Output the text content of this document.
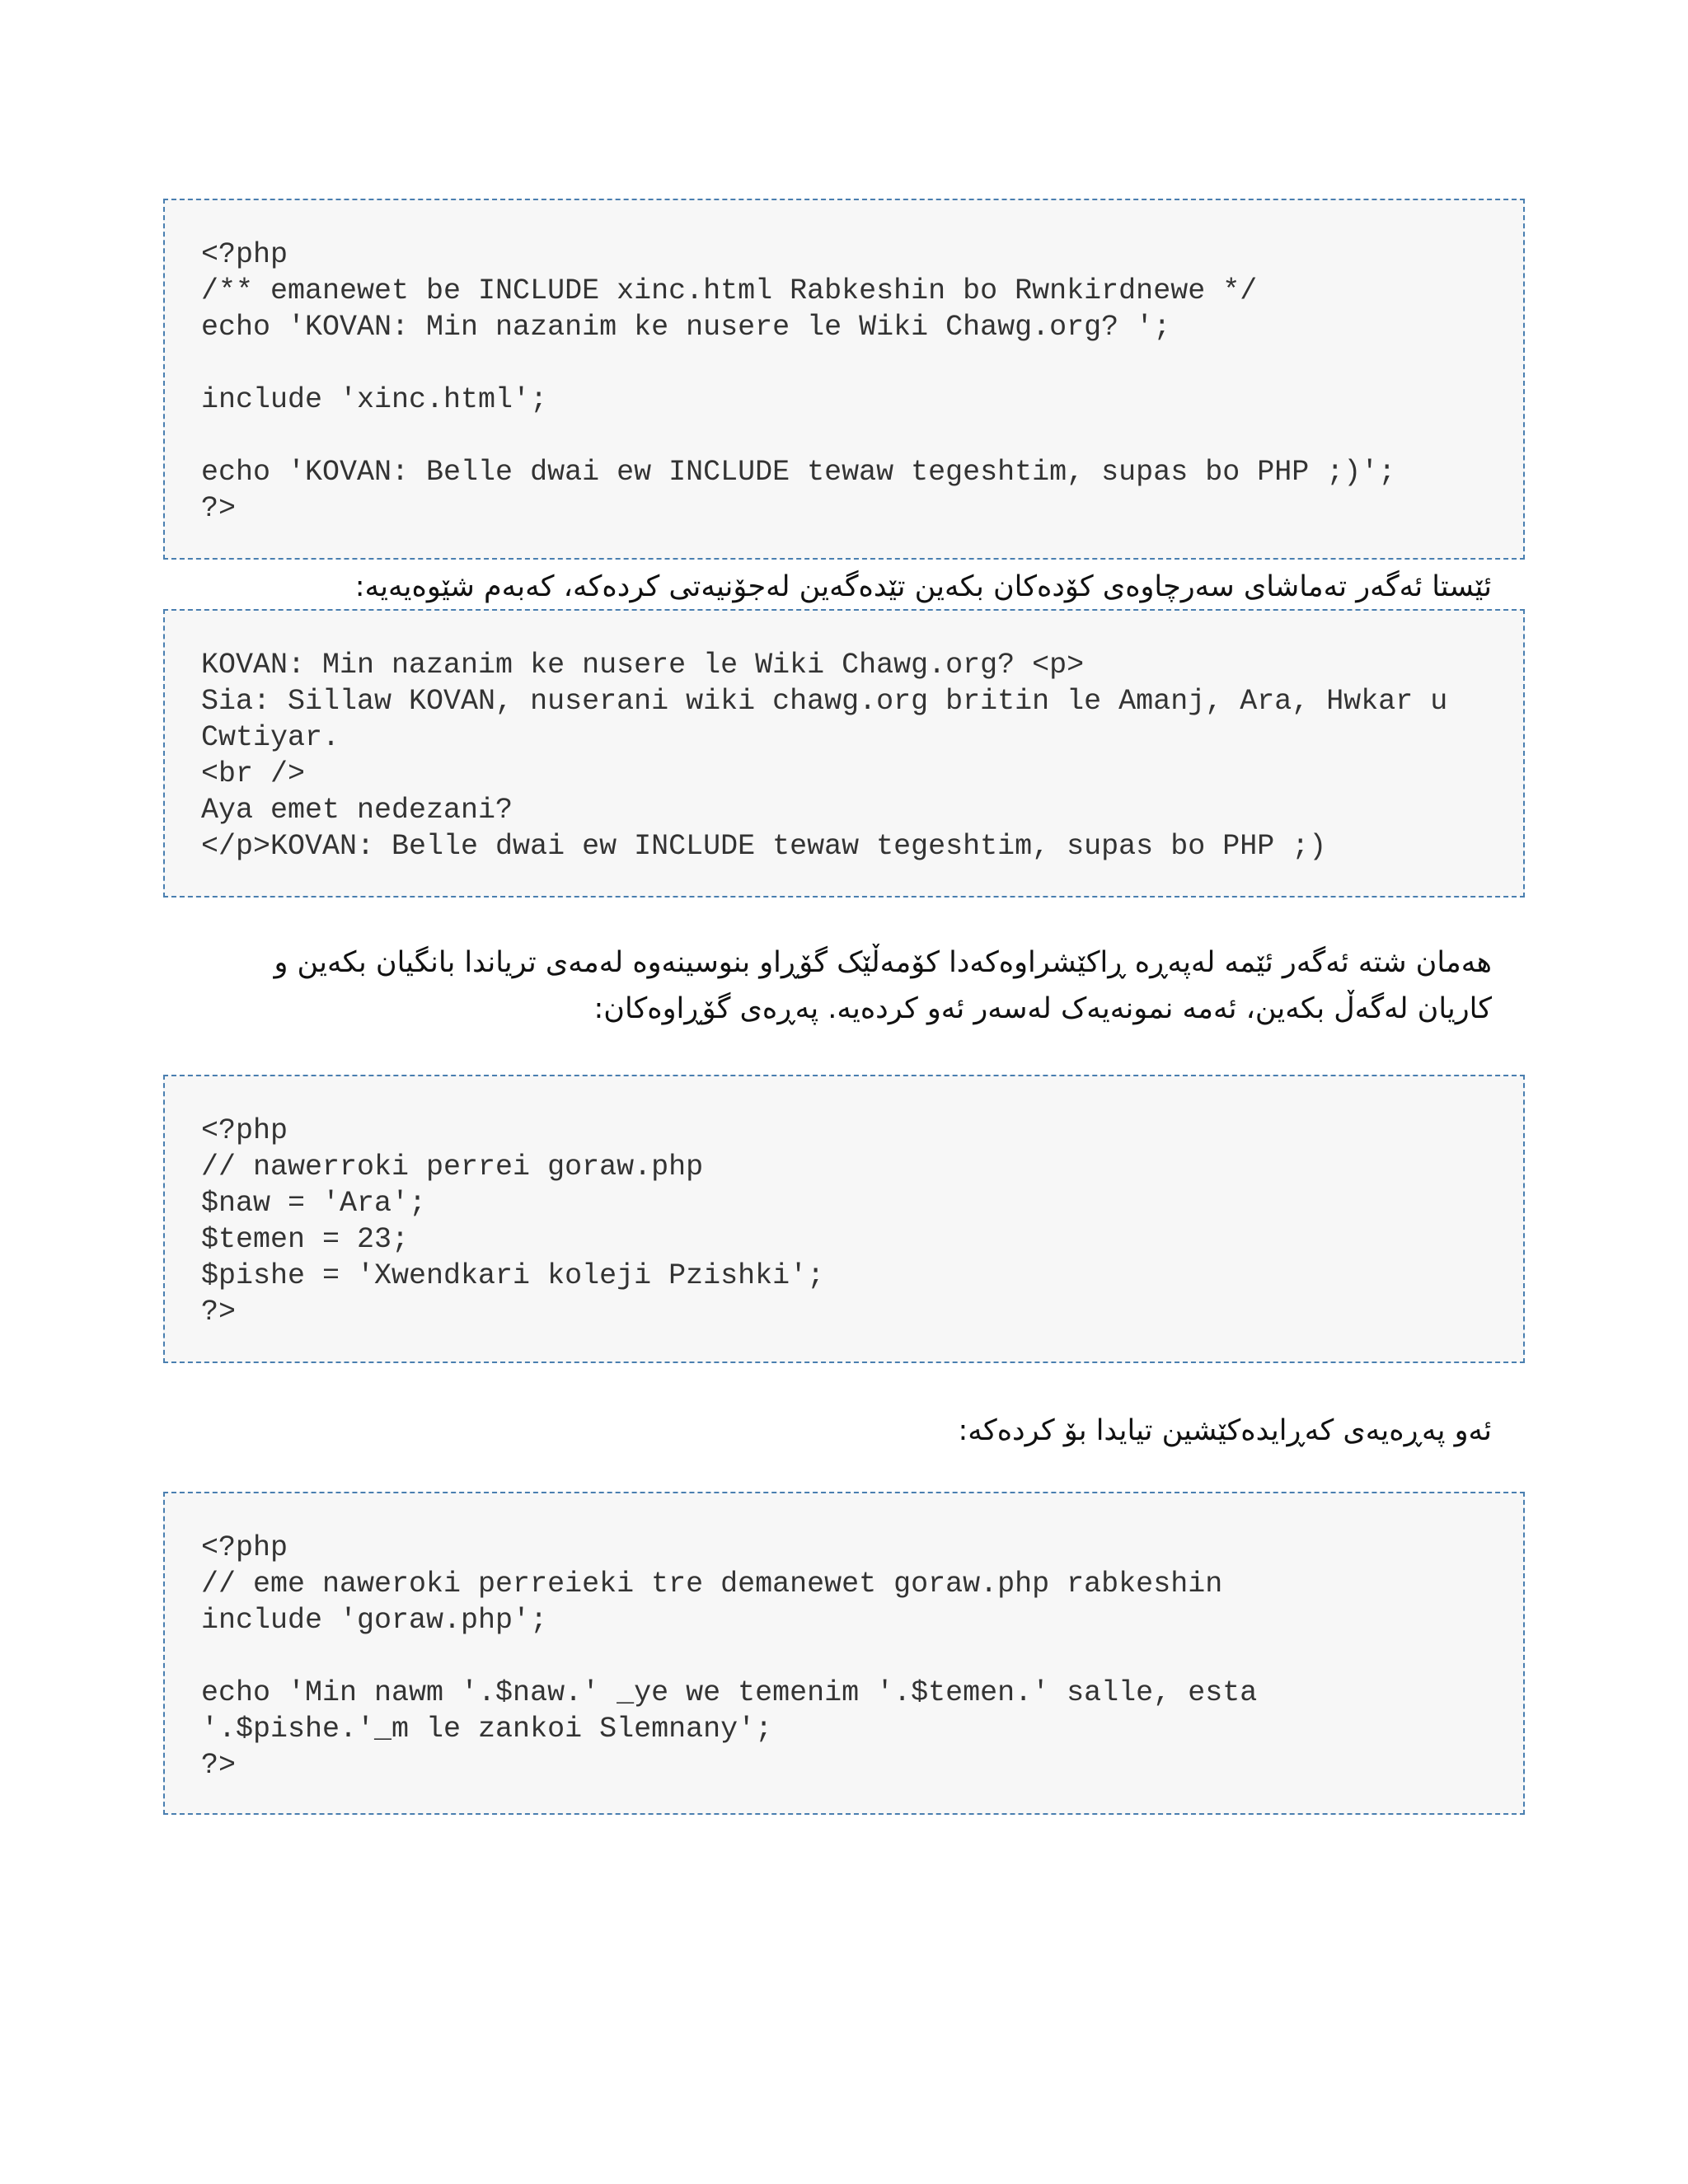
<?php
/** emanewet be INCLUDE xinc.html Rabkeshin bo Rwnkirdnewe */
echo 'KOVAN: Min nazanim ke nusere le Wiki Chawg.org? ';

include 'xinc.html';

echo 'KOVAN: Belle dwai ew INCLUDE tewaw tegeshtim, supas bo PHP ;)';
?>

ئێستا ئەگەر تەماشای سەرچاوەی کۆدەکان بکەین تێدەگەین لەجۆنیەتی کردەکە، کەبەم شێوەیەیە:

KOVAN: Min nazanim ke nusere le Wiki Chawg.org? <p>
Sia: Sillaw KOVAN, nuserani wiki chawg.org britin le Amanj, Ara, Hwkar u Cwtiyar.
<br />
Aya emet nedezani?
</p>KOVAN: Belle dwai ew INCLUDE tewaw tegeshtim, supas bo PHP ;)

هەمان شتە ئەگەر ئێمە لەپەڕە ڕاکێشراوەکەدا کۆمەڵێک گۆڕاو بنوسینەوە لەمەی تریاندا بانگیان بکەین و کاریان لەگەڵ بکەین، ئەمە نمونەیەک لەسەر ئەو کردەیە. پەڕەی گۆڕاوەکان:

<?php
// nawerroki perrei goraw.php
$naw = 'Ara';
$temen = 23;
$pishe = 'Xwendkari koleji Pzishki';
?>

ئەو پەڕەیەی کەڕایدەکێشین تیایدا بۆ کردەکە:

<?php
// eme naweroki perreieki tre demanewet goraw.php rabkeshin
include 'goraw.php';

echo 'Min nawm '.$naw.' _ye we temenim '.$temen.' salle, esta
'.$pishe.'_m le zankoi Slemnany';
?>
